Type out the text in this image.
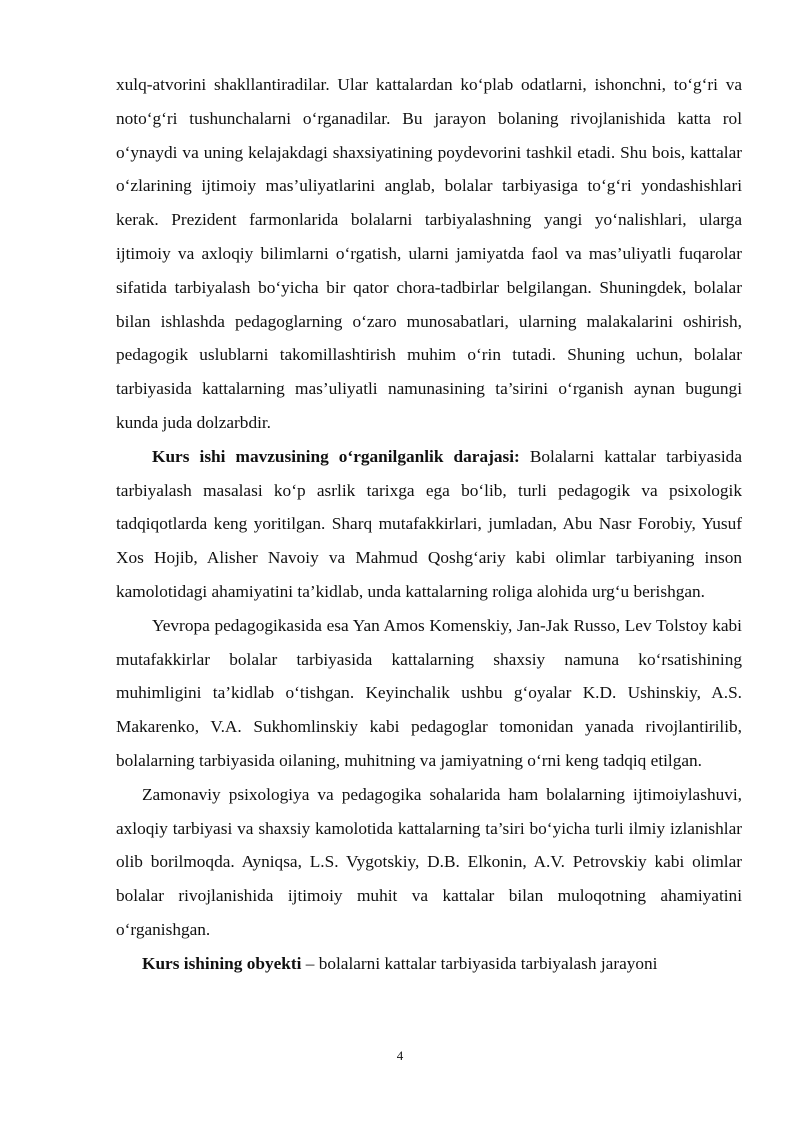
xulq-atvorini shakllantiradilar. Ular kattalardan ko‘plab odatlarni, ishonchni, to‘g‘ri va noto‘g‘ri tushunchalarni o‘rganadilar. Bu jarayon bolaning rivojlanishida katta rol o‘ynaydi va uning kelajakdagi shaxsiyatining poydevorini tashkil etadi. Shu bois, kattalar o‘zlarining ijtimoiy mas’uliyatlarini anglab, bolalar tarbiyasiga to‘g‘ri yondashishlari kerak. Prezident farmonlarida bolalarni tarbiyalashning yangi yo‘nalishlari, ularga ijtimoiy va axloqiy bilimlarni o‘rgatish, ularni jamiyatda faol va mas’uliyatli fuqarolar sifatida tarbiyalash bo‘yicha bir qator chora-tadbirlar belgilangan. Shuningdek, bolalar bilan ishlashda pedagoglarning o‘zaro munosabatlari, ularning malakalarini oshirish, pedagogik uslublarni takomillashtirish muhim o‘rin tutadi. Shuning uchun, bolalar tarbiyasida kattalarning mas’uliyatli namunasining ta’sirini o‘rganish aynan bugungi kunda juda dolzarbdir.

Kurs ishi mavzusining o‘rganilganlik darajasi: Bolalarni kattalar tarbiyasida tarbiyalash masalasi ko‘p asrlik tarixga ega bo‘lib, turli pedagogik va psixologik tadqiqotlarda keng yoritilgan. Sharq mutafakkirlari, jumladan, Abu Nasr Forobiy, Yusuf Xos Hojib, Alisher Navoiy va Mahmud Qoshg‘ariy kabi olimlar tarbiyaning inson kamolotidagi ahamiyatini ta’kidlab, unda kattalarning roliga alohida urg‘u berishgan.

Yevropa pedagogikasida esa Yan Amos Komenskiy, Jan-Jak Russo, Lev Tolstoy kabi mutafakkirlar bolalar tarbiyasida kattalarning shaxsiy namuna ko‘rsatishining muhimligini ta’kidlab o‘tishgan. Keyinchalik ushbu g‘oyalar K.D. Ushinskiy, A.S. Makarenko, V.A. Sukhomlinskiy kabi pedagoglar tomonidan yanada rivojlantirilib, bolalarning tarbiyasida oilaning, muhitning va jamiyatning o‘rni keng tadqiq etilgan.

Zamonaviy psixologiya va pedagogika sohalarida ham bolalarning ijtimoiylashuvi, axloqiy tarbiyasi va shaxsiy kamolotida kattalarning ta’siri bo‘yicha turli ilmiy izlanishlar olib borilmoqda. Ayniqsa, L.S. Vygotskiy, D.B. Elkonin, A.V. Petrovskiy kabi olimlar bolalar rivojlanishida ijtimoiy muhit va kattalar bilan muloqotning ahamiyatini o‘rganishgan.

Kurs ishining obyekti – bolalarni kattalar tarbiyasida tarbiyalash jarayoni

4
